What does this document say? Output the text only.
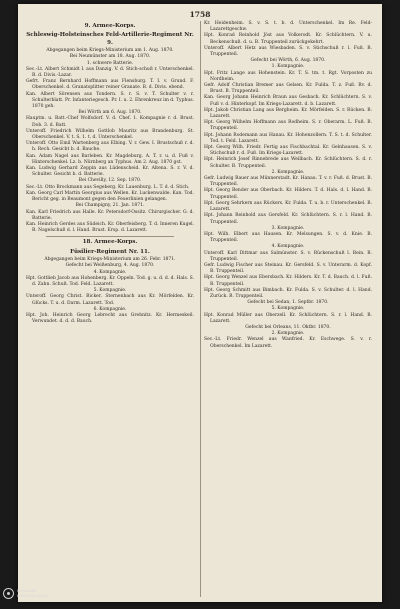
1758
9. Armee-Korps.
Schleswig-Holsteinsches Feld-Artillerie-Regiment Nr. 9.
Abgegangen beim Kriegs-Ministerium am 1. Aug. 1870.
Bei Neumünster am 18. Aug. 1870.
1. schwere Batterie.
Sec.-Lt. Albert Schmidt I. aus Danzig. V. d. Stich-schuß r. Unterschenkel. B. d. Divis.-Lazar.
Gefrt. Franz Bernhard Hoffmann aus Flensburg. T. I. v. Grund. F. Oberschenkel. d. Granatsplitter reiner Granate. B. d. Divis. ebend.
Kan. Albert Sörensen aus Tondern. S. r. S. v. T. Schulter v. r. Schulterblatt. Pr. Infanteriegesch. Pr. I. u. 2. Ehrenkreuz im d. Typhus. 1870 geh.
Bei Wörth am 6. Aug. 1870.
Hauptm. u. Batt.-Chef Wolfsdorf. V. d. Chef. 1. Kompagnie r. d. Brust. Dob. 3. d. Batt.
Unteroff. Friedrich Wilhelm Gottlob Mauritz aus Brandenburg. St. Oberschenkel. V. t. S. 1. t. d. Unterschenkel.
Unteroff. Otto Emil Wartenberg aus Elbing. V. r. Gew. I. Brustschuß r. d. h. Rech. Gesicht b. d. Bauche.
Kan. Adam Nagel aus Barleben. Kr. Magdeburg. A. T. r. u. d. Fuß v. Hinterschenkel. Lz. b. Nürnberg an Typhus. Am 2. Aug. 1870 gst.
Kan. Ludwig Gerhard Zeppin aus Lüdenscheid. Kr. Altena. S. r. V. d. Schulter. Gesicht b. d. Batterie.
Bei Chevilly, 12. Sep. 1870.
Sec.-Lt. Otto Brockmann aus Segeberg. Kr. Lauenburg. L. T. d. d. Stich.
Kan. Georg Carl Martin Georgius aus Wellen. Kr. Luckenwalde. Kan. Tod. Bericht geg. in Beaumont gegen den Feuerlinien gelangen.
Bei Champigny, 21. Jan. 1871.
Kan. Karl Friedrich aus Halle. Kr. Petersdorf-Ossitz. Chirurgischer. G. d. Batterie.
Kan. Heinrich Gerdes aus Südeich. Kr. Oberfeisberg. T. d. Inneren Kugel. B. Nagelschuß d. l. Hand. Brust. Ersp. d. Lazarett.
18. Armee-Korps.
Füsilier-Regiment Nr. 11.
Abgegangen beim Kriegs-Ministerium am 26. Febr. 1871.
Gefecht bei Weißenburg, 4. Aug. 1870.
4. Kompagnie.
Hpt. Gottlieb Jacob aus Hohenberg. Kr. Oppeln. Tod. g. u. d. d. d. Hals. S. d. Zahn. Schuß. Tod. Feld. Lazarett.
5. Kompagnie.
Unteroff. Georg Christ. Bicker. Sternenbach aus Kr. Mörfelden. Kr. Glücks. T. u. d. Darm. Lazarett. Tod.
6. Kompagnie.
Hpt. Joh. Heinrich Georg Lebrecht aus Grebnitz. Kr. Hermeskeil. Verwundet. d. d. d. Bauch.
Kr. Heidenheim. S. v. S. t. b. d. Unterschenkel. Im Re. Feld-Lazarettgeschw.
Hpt. Konrad Reinhold Jöst aus Volkerodt. Kr. Schlüchtern. V. u. Beckenschuß. d. u. B. Truppenteil zurückgekehrt.
Unteroff. Albert Hetz aus Wiesbaden. S. v. Stichschuß r. l. Fuß. B. Truppenteil.
Gefecht bei Wörth, 6. Aug. 1870.
1. Kompagnie.
Hpt. Fritz Lange aus Hohenstein. Kr. T. S. tm. t. Rgt. Vorposten zu Nordheim.
Gefr. Adolf Christian Bremer aus Gelsen. Kr. Fulda. T. z. Fuß. Rv. d. Brust. B. Truppenteil.
Kan. Georg Johann Heinrich Braun aus Gesbach. Kr. Schlüchtern. S. v. Fuß v. d. Hinterkopf. Im Kriegs-Lazarett. d. b. Lazarett.
Hpt. Jakob Christian Lang aus Bergheim. Kr. Mörfelden. S. r. Rücken. B. Lazarett.
Hpt. Georg Wilhelm Hoffmann aus Rodheim. S. r. Oberarm. L. Fuß. B. Truppenteil.
Hpt. Johann Rodemann aus Hanau. Kr. Hohenzollern. T. S. t. d. Schulter. Tod. t. Feld. Lazarett.
Hpt. Georg Wilh. Friedr. Fertig aus Fischbachtal. Kr. Gelnhausen. S. v. Stichschuß r. d. Fuß. Im Kriegs-Lazarett.
Hpt. Heinrich Josef Rinnebrede aus Weilbach. Kr. Schlüchtern. S. d. r. Schulter. B. Truppenteil.
2. Kompagnie.
Gefr. Ludwig Bauer aus Münnerstadt. Kr. Hanau. T. v. r. Fuß. d. Brust. B. Truppenteil.
Hpt. Georg Bender aus Oberbach. Kr. Hilders. T. d. Hals. d. l. Hand. B. Truppenteil.
Hpt. Georg Sehrkern aus Rückers. Kr. Fulda. T. u. b. r. Unterschenkel. B. Lazarett.
Hpt. Johann Reinhold aus Gersfeld. Kr. Schlüchtern. S. r. l. Hand. B. Truppenteil.
3. Kompagnie.
Hpt. Wilh. Elbert aus Hausen. Kr. Melsungen. S. v. d. Knie. B. Truppenteil.
4. Kompagnie.
Unteroff. Karl Dittmar aus Salmünster. S. v. Rückenschuß l. Bein. B. Truppenteil.
Gefr. Ludwig Fischer aus Steinau. Kr. Gersfeld. S. v. Unterarm. d. Kopf. B. Truppenteil.
Hpt. Georg Wenzel aus Ebersbach. Kr. Hilders. Kr. T. d. Bauch. d. l. Fuß. B. Truppenteil.
Hpt. Georg Schmitt aus Bimbach. Kr. Fulda. S. v. Schulter. d. l. Hand. Zurück. B. Truppenteil.
Gefecht bei Sedan, 1. Septbr. 1870.
5. Kompagnie.
Hpt. Konrad Müller aus Oberzell. Kr. Schlüchtern. S. r. l. Hand. B. Lazarett.
Gefecht bei Orleans, 11. Oktbr. 1870.
2. Kompagnie.
Sec.-Lt. Friedr. Wenzel aus Wanfried. Kr. Eschwege. S. v. r. Oberschenkel. Im Lazarett.
Universität
Halle-Wittenberg
